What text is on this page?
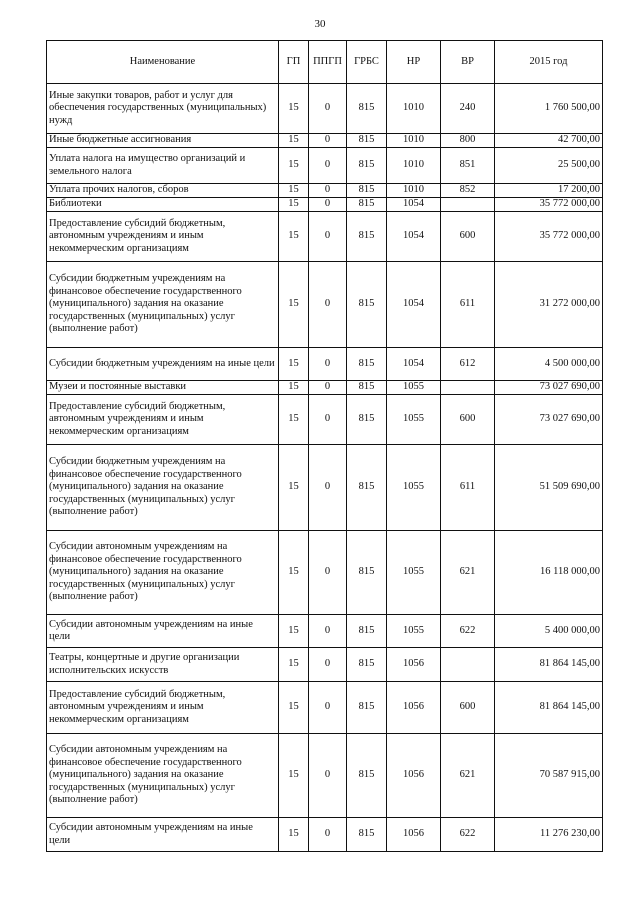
30
Наименование	ГП	ППГП	ГРБС	НР	ВР	2015 год
Иные закупки товаров, работ и услуг для обеспечения государственных (муниципальных) нужд	15	0	815	1010	240	1 760 500,00
Иные бюджетные ассигнования	15	0	815	1010	800	42 700,00
Уплата налога на имущество организаций и земельного налога	15	0	815	1010	851	25 500,00
Уплата прочих налогов, сборов	15	0	815	1010	852	17 200,00
Библиотеки	15	0	815	1054		35 772 000,00
Предоставление субсидий бюджетным, автономным учреждениям и иным некоммерческим организациям	15	0	815	1054	600	35 772 000,00
Субсидии бюджетным учреждениям на финансовое обеспечение государственного (муниципального) задания на оказание государственных (муниципальных) услуг (выполнение работ)	15	0	815	1054	611	31 272 000,00
Субсидии бюджетным учреждениям на иные цели	15	0	815	1054	612	4 500 000,00
Музеи и постоянные выставки	15	0	815	1055		73 027 690,00
Предоставление субсидий бюджетным, автономным учреждениям и иным некоммерческим организациям	15	0	815	1055	600	73 027 690,00
Субсидии бюджетным учреждениям на финансовое обеспечение государственного (муниципального) задания на оказание государственных (муниципальных) услуг (выполнение работ)	15	0	815	1055	611	51 509 690,00
Субсидии автономным учреждениям на финансовое обеспечение государственного (муниципального) задания на оказание государственных (муниципальных) услуг (выполнение работ)	15	0	815	1055	621	16 118 000,00
Субсидии автономным учреждениям на иные цели	15	0	815	1055	622	5 400 000,00
Театры, концертные и другие организации исполнительских искусств	15	0	815	1056		81 864 145,00
Предоставление субсидий бюджетным, автономным учреждениям и иным некоммерческим организациям	15	0	815	1056	600	81 864 145,00
Субсидии автономным учреждениям на финансовое обеспечение государственного (муниципального) задания на оказание государственных (муниципальных) услуг (выполнение работ)	15	0	815	1056	621	70 587 915,00
Субсидии автономным учреждениям на иные цели	15	0	815	1056	622	11 276 230,00
